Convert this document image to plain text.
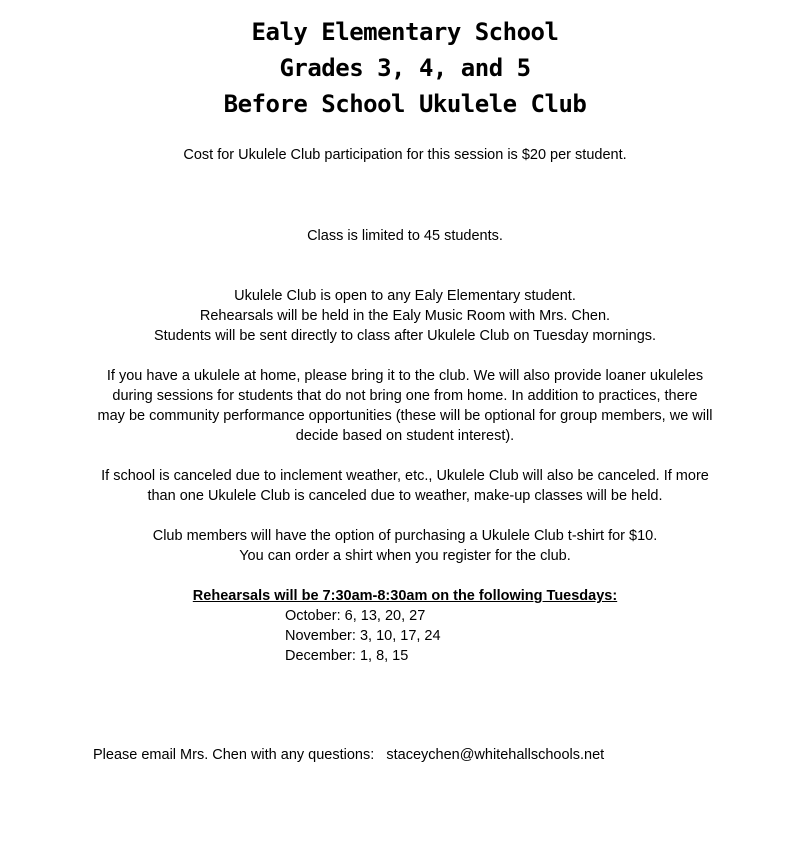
Ealy Elementary School
Grades 3, 4, and 5
Before School Ukulele Club
Cost for Ukulele Club participation for this session is $20 per student.
Class is limited to 45 students.
Ukulele Club is open to any Ealy Elementary student.
Rehearsals will be held in the Ealy Music Room with Mrs. Chen.
Students will be sent directly to class after Ukulele Club on Tuesday mornings.
If you have a ukulele at home, please bring it to the club. We will also provide loaner ukuleles
during sessions for students that do not bring one from home. In addition to practices, there
may be community performance opportunities (these will be optional for group members, we will
decide based on student interest).
If school is canceled due to inclement weather, etc., Ukulele Club will also be canceled. If more
than one Ukulele Club is canceled due to weather, make-up classes will be held.
Club members will have the option of purchasing a Ukulele Club t-shirt for $10.
You can order a shirt when you register for the club.
Rehearsals will be 7:30am-8:30am on the following Tuesdays:
October: 6, 13, 20, 27
November: 3, 10, 17, 24
December: 1, 8, 15
Please email Mrs. Chen with any questions:   staceychen@whitehallschools.net
